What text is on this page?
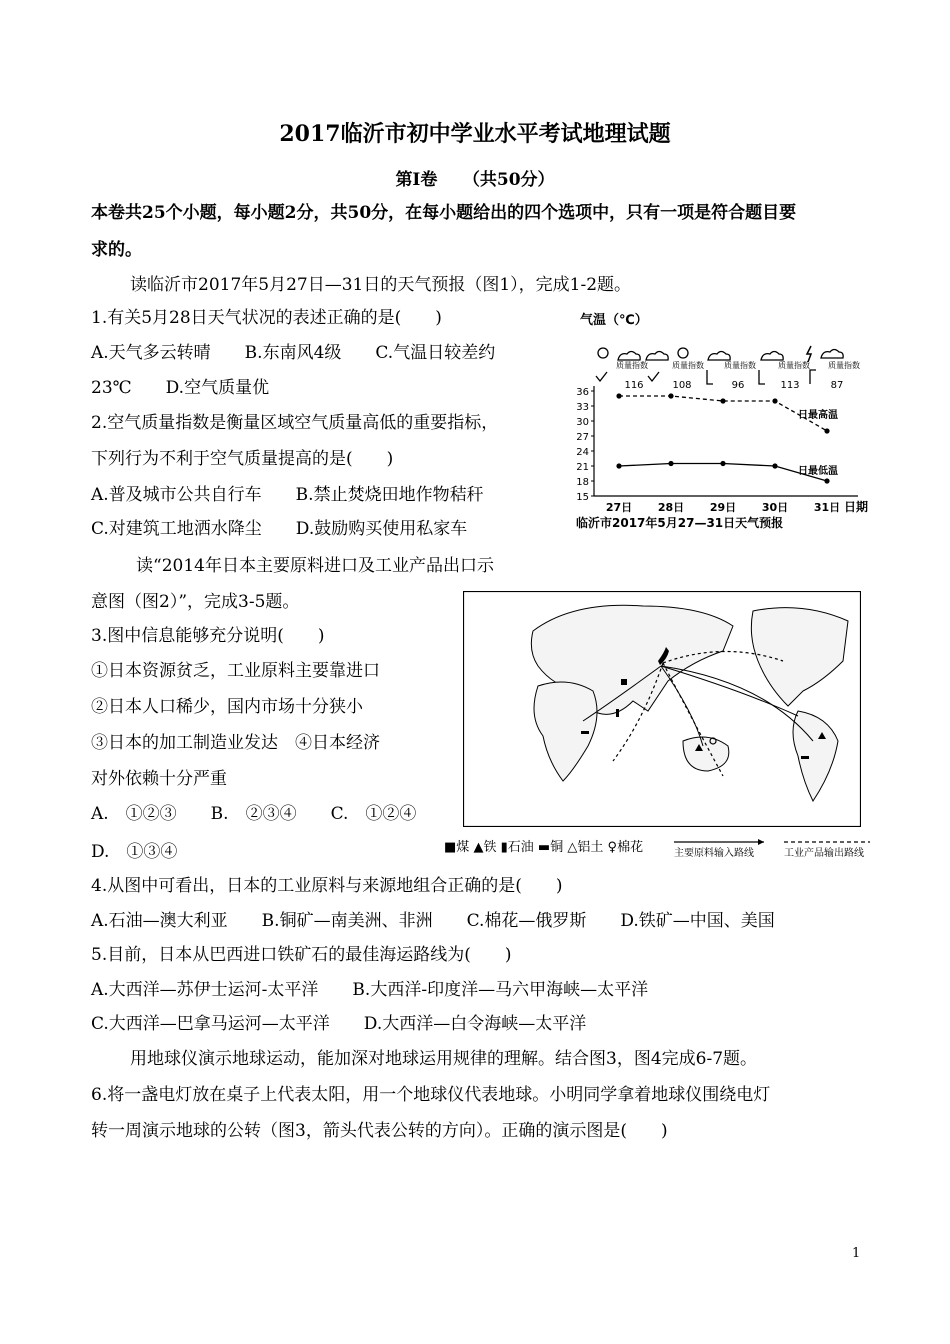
2017临沂市初中学业水平考试地理试题
第Ⅰ卷　　（共50分）
本卷共25个小题，每小题2分，共50分，在每小题给出的四个选项中，只有一项是符合题目要
求的。
读临沂市2017年5月27日—31日的天气预报（图1），完成1-2题。
1.有关5月28日天气状况的表述正确的是(　　)
A.天气多云转晴　　B.东南风4级　　C.气温日较差约
23℃　　D.空气质量优
2.空气质量指数是衡量区域空气质量高低的重要指标，
下列行为不利于空气质量提高的是(　　)
A.普及城市公共自行车　　B.禁止焚烧田地作物秸秆
C.对建筑工地洒水降尘　　D.鼓励购买使用私家车
读“2014年日本主要原料进口及工业产品出口示
意图（图2）”，完成3-5题。
3.图中信息能够充分说明(　　)
①日本资源贫乏，工业原料主要靠进口
②日本人口稀少，国内市场十分狭小
③日本的加工制造业发达　④日本经济
对外依赖十分严重
A.　①②③　　B.　②③④　　C.　①②④
D.　①③④
4.从图中可看出，日本的工业原料与来源地组合正确的是(　　)
A.石油—澳大利亚　　B.铜矿—南美洲、非洲　　C.棉花—俄罗斯　　D.铁矿—中国、美国
5.目前，日本从巴西进口铁矿石的最佳海运路线为(　　)
A.大西洋—苏伊士运河-太平洋　　B.大西洋-印度洋—马六甲海峡—太平洋
C.大西洋—巴拿马运河—太平洋　　D.大西洋—白令海峡—太平洋
用地球仪演示地球运动，能加深对地球运用规律的理解。结合图3，图4完成6-7题。
6.将一盏电灯放在桌子上代表太阳，用一个地球仪代表地球。小明同学拿着地球仪围绕电灯
转一周演示地球的公转（图3，箭头代表公转的方向）。正确的演示图是(　　)
1
气温（℃）
质量指数	质量指数	质量指数	质量指数 质量指数
116	108	96	113	87
15
18
21
24
27
30
33
36
27日 28日 29日 30日 31日 日期
日最高温
日最低温
临沂市2017年5月27—31日天气预报
■煤 ▲铁 ▮石油 ▬铜 △铝土 ♀棉花	主要原料输入路线	工业产品输出路线
